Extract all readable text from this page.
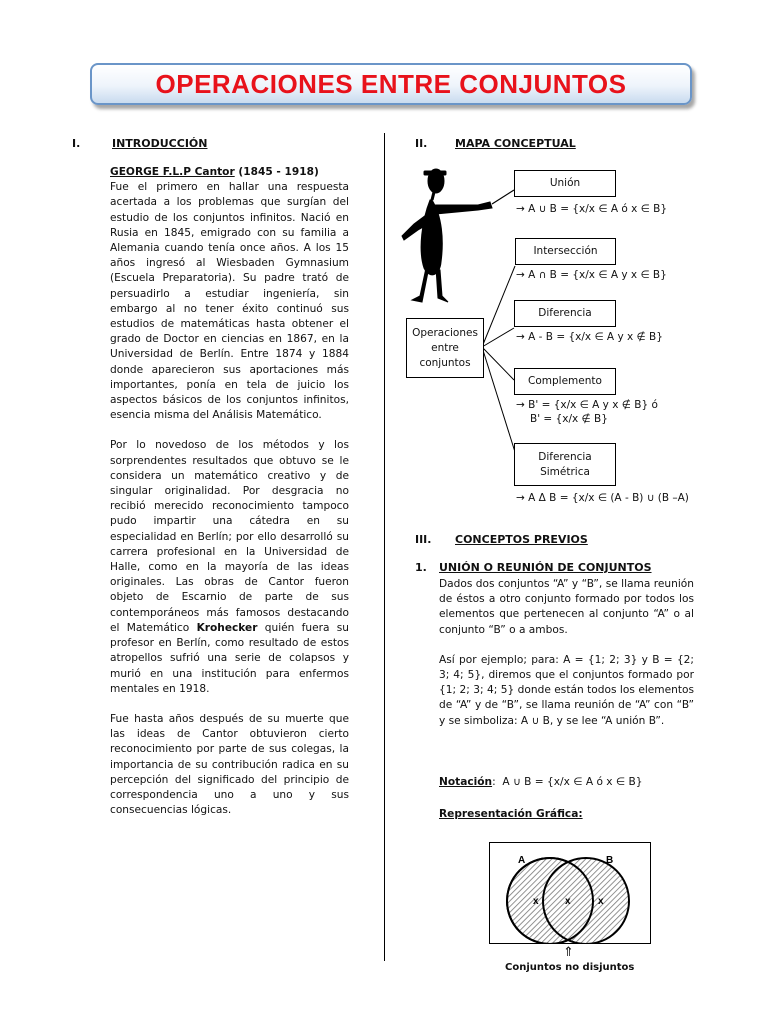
OPERACIONES ENTRE CONJUNTOS
I.	INTRODUCCIÓN
GEORGE F.L.P Cantor (1845 - 1918)

Fue el primero en hallar una respuesta acertada a los problemas que surgían del estudio de los conjuntos infinitos. Nació en Rusia en 1845, emigrado con su familia a Alemania cuando tenía once años. A los 15 años ingresó al Wiesbaden Gymnasium (Escuela Preparatoria). Su padre trató de persuadirlo a estudiar ingeniería, sin embargo al no tener éxito continuó sus estudios de matemáticas hasta obtener el grado de Doctor en ciencias en 1867, en la Universidad de Berlín. Entre 1874 y 1884 donde aparecieron sus aportaciones más importantes, ponía en tela de juicio los aspectos básicos de los conjuntos infinitos, esencia misma del Análisis Matemático.

Por lo novedoso de los métodos y los sorprendentes resultados que obtuvo se le considera un matemático creativo y de singular originalidad. Por desgracia no recibió merecido reconocimiento tampoco pudo impartir una cátedra en su especialidad en Berlín; por ello desarrolló su carrera profesional en la Universidad de Halle, como en la mayoría de las ideas originales. Las obras de Cantor fueron objeto de Escarnio de parte de sus contemporáneos más famosos destacando el Matemático Krohecker quién fuera su profesor en Berlín, como resultado de estos atropellos sufrió una serie de colapsos y murió en una institución para enfermos mentales en 1918.

Fue hasta años después de su muerte que las ideas de Cantor obtuvieron cierto reconocimiento por parte de sus colegas, la importancia de su contribución radica en su percepción del significado del principio de correspondencia uno a uno y sus consecuencias lógicas.

II.	MAPA CONCEPTUAL
Unión
→ A ∪ B = {x/x ∈ A ó x ∈ B}
Intersección
→ A ∩ B = {x/x ∈ A y x ∈ B}
Diferencia
→ A - B = {x/x ∈ A y x ∉ B}
Complemento
→ B' = {x/x ∈ A y x ∉ B} ó
B' = {x/x ∉ B}
Diferencia Simétrica
→ A Δ B = {x/x ∈ (A - B) ∪ (B –A)
Operaciones entre conjuntos
III. CONCEPTOS PREVIOS
1. UNIÓN O REUNIÓN DE CONJUNTOS

Dados dos conjuntos “A” y “B”, se llama reunión de éstos a otro conjunto formado por todos los elementos que pertenecen al conjunto “A” o al conjunto “B” o a ambos.

Así por ejemplo; para: A = {1; 2; 3} y B = {2; 3; 4; 5}, diremos que el conjuntos formado por {1; 2; 3; 4; 5} donde están todos los elementos de “A” y de “B”, se llama reunión de “A” con “B” y se simboliza: A ∪ B, y se lee “A unión B”.

Notación:  A ∪ B = {x/x ∈ A ó x ∈ B}
Representación Gráfica:
A	B
x	x	x
⇑
Conjuntos no disjuntos
